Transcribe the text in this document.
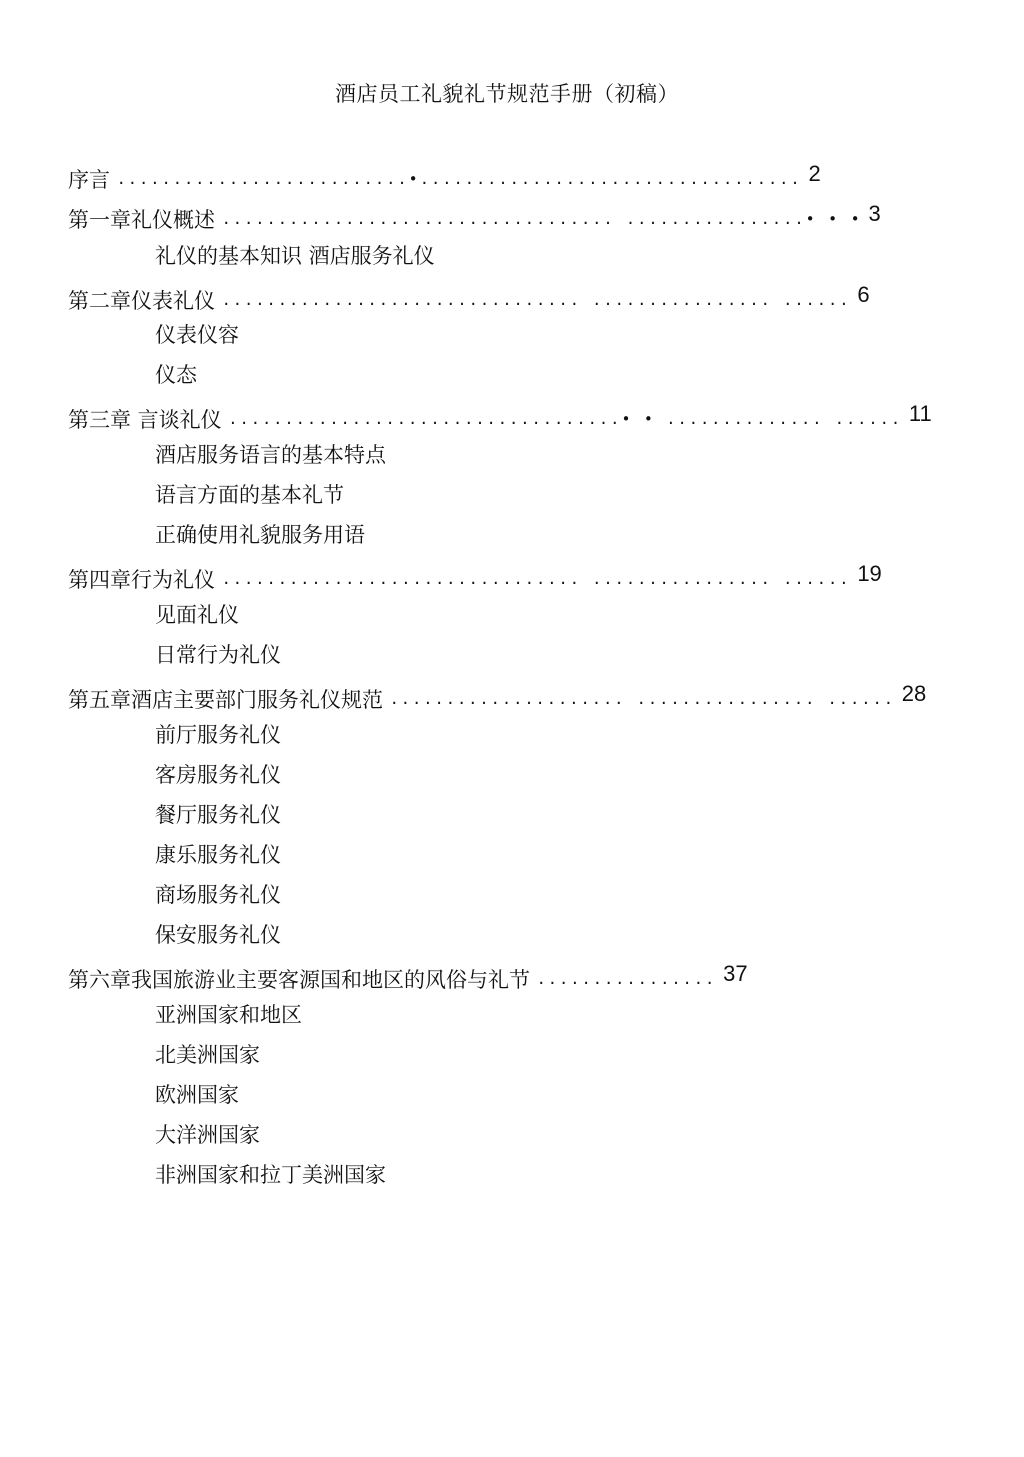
酒店员工礼貌礼节规范手册（初稿）
序言 ..........................•.................................. 2
第一章礼仪概述 ................................... ................• • • 3
礼仪的基本知识 酒店服务礼仪
第二章仪表礼仪 ................................ ................ ...... 6
仪表仪容
仪态
第三章 言谈礼仪 ...................................• • .............. ...... 11
酒店服务语言的基本特点
语言方面的基本礼节
正确使用礼貌服务用语
第四章行为礼仪 ................................ ................ ...... 19
见面礼仪
日常行为礼仪
第五章酒店主要部门服务礼仪规范 ..................... ................ ...... 28
前厅服务礼仪
客房服务礼仪
餐厅服务礼仪
康乐服务礼仪
商场服务礼仪
保安服务礼仪
第六章我国旅游业主要客源国和地区的风俗与礼节 ................ 37
亚洲国家和地区
北美洲国家
欧洲国家
大洋洲国家
非洲国家和拉丁美洲国家
